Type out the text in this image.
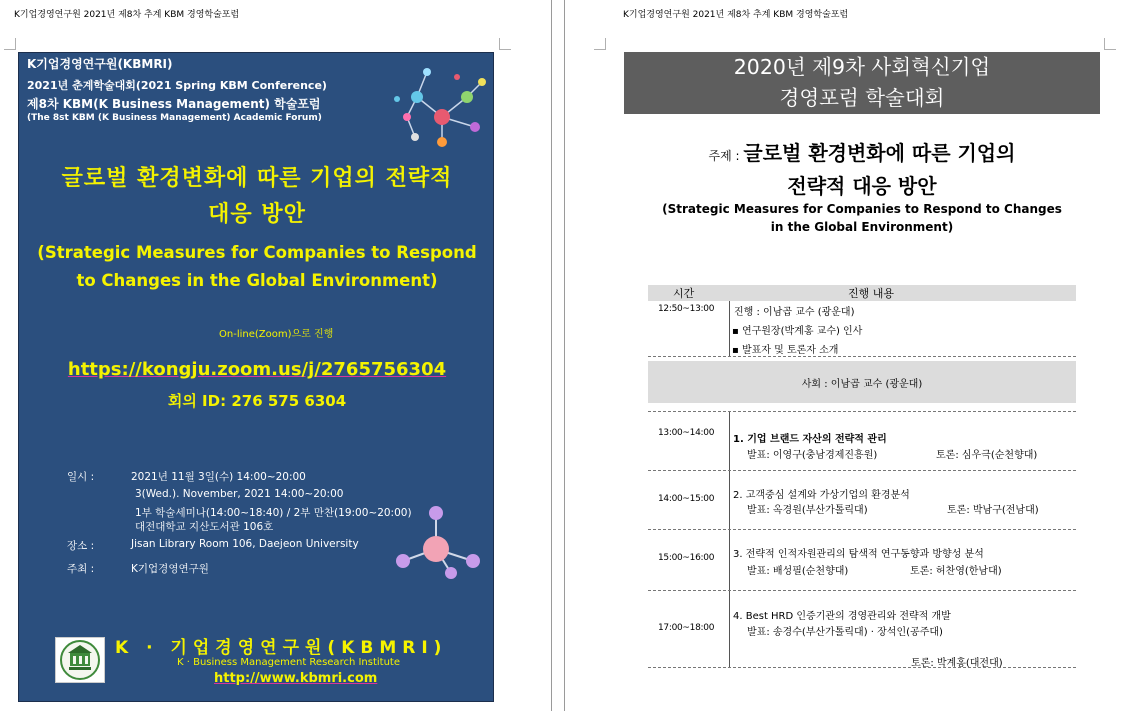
K기업경영연구원 2021년 제8차 추계 KBM 경영학술포럼
K기업경영연구원(KBMRI)
2021년 춘계학술대회(2021 Spring KBM Conference)
제8차 KBM(K Business Management) 학술포럼
(The 8st KBM (K Business Management) Academic Forum)
글로벌 환경변화에 따른 기업의 전략적
대응 방안
(Strategic Measures for Companies to Respond
to Changes in the Global Environment)
On-line(Zoom)으로 진행
https://kongju.zoom.us/j/2765756304
회의 ID: 276 575 6304
일시 :	2021년 11월 3일(수) 14:00~20:00
3(Wed.). November, 2021 14:00~20:00
1부 학술세미나(14:00~18:40) / 2부 만찬(19:00~20:00)
대전대학교 지산도서관 106호
장소 :	Jisan Library Room 106, Daejeon University
주최 :	K기업경영연구원
K · 기업경영연구원(KBMRI)
K · Business Management Research Institute
http://www.kbmri.com
K기업경영연구원 2021년 제8차 추계 KBM 경영학술포럼
2020년 제9차 사회혁신기업
경영포럼 학술대회
주제 : 글로벌 환경변화에 따른 기업의
전략적 대응 방안
(Strategic Measures for Companies to Respond to Changes
in the Global Environment)
시간	진행 내용
12:50~13:00 진행 : 이남곱 교수 (광운대)
▪ 연구원장(박계홍 교수) 인사
▪ 발표자 및 토론자 소개
사회 : 이남곱 교수 (광운대)
13:00~14:00
1. 기업 브랜드 자산의 전략적 관리
발표: 이영구(충남경제진흥원)	토론: 심우극(순천향대)
14:00~15:00 2. 고객중심 설계와 가상기업의 환경분석
발표: 옥경원(부산가톨릭대)	토론: 박남구(전남대)
15:00~16:00 3. 전략적 인적자원관리의 탐색적 연구동향과 방향성 분석
발표: 배성필(순천향대)	토론: 허찬영(한남대)
17:00~18:00
4. Best HRD 인증기관의 경영관리와 전략적 개발
발표: 송경수(부산가톨릭대) · 장석인(공주대)
토론: 박계홍(대전대)
